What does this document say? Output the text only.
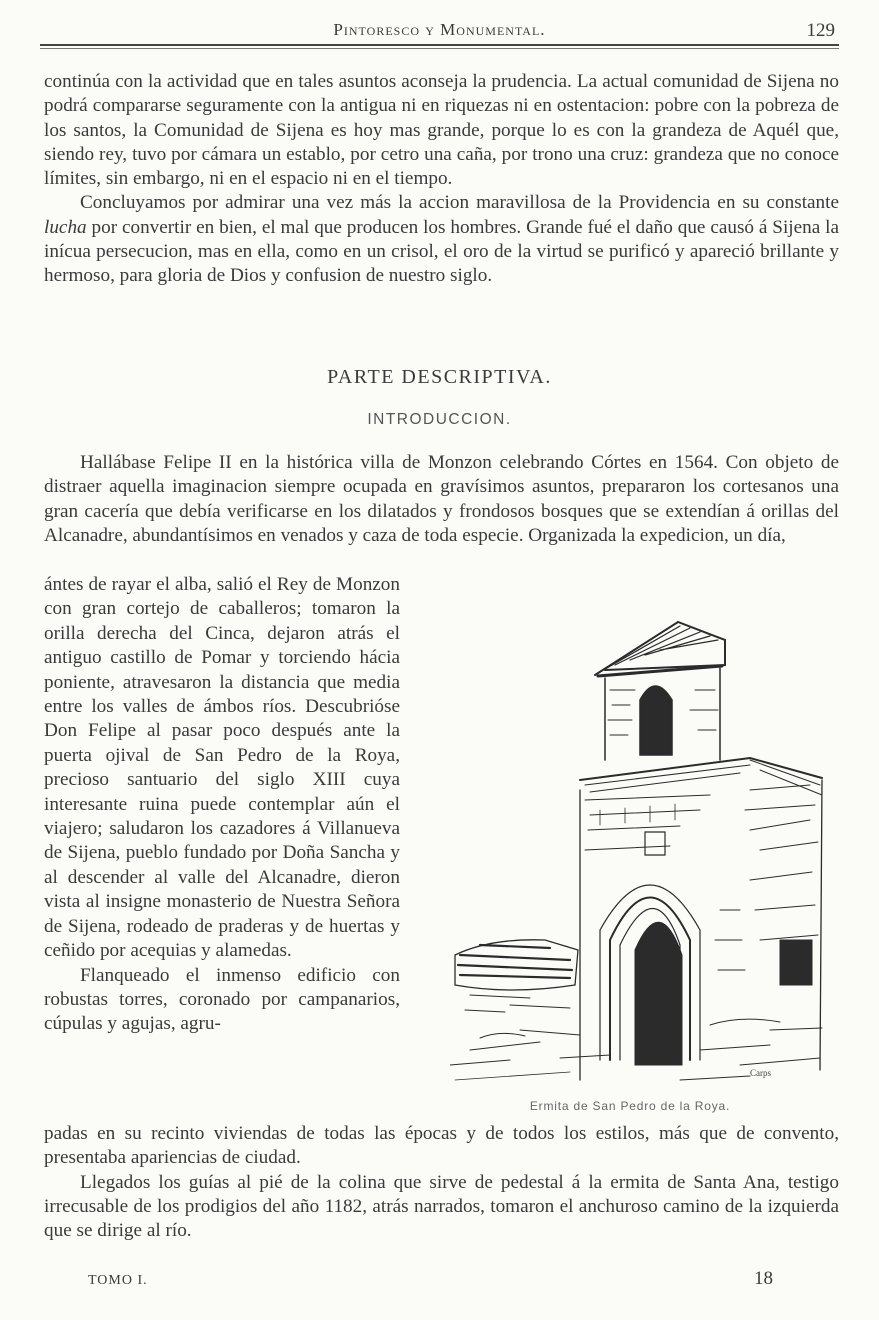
Pintoresco y Monumental.	129

continúa con la actividad que en tales asuntos aconseja la prudencia. La actual comunidad de Sijena no podrá compararse seguramente con la antigua ni en riquezas ni en ostentacion: pobre con la pobreza de los santos, la Comunidad de Sijena es hoy mas grande, porque lo es con la grandeza de Aquél que, siendo rey, tuvo por cámara un establo, por cetro una caña, por trono una cruz: grandeza que no conoce límites, sin embargo, ni en el espacio ni en el tiempo.

Concluyamos por admirar una vez más la accion maravillosa de la Providencia en su constante lucha por convertir en bien, el mal que producen los hombres. Grande fué el daño que causó á Sijena la inícua persecucion, mas en ella, como en un crisol, el oro de la virtud se purificó y apareció brillante y hermoso, para gloria de Dios y confusion de nuestro siglo.

PARTE DESCRIPTIVA.
INTRODUCCION.

Hallábase Felipe II en la histórica villa de Monzon celebrando Córtes en 1564. Con objeto de distraer aquella imaginacion siempre ocupada en gravísimos asuntos, prepararon los cortesanos una gran cacería que debía verificarse en los dilatados y frondosos bosques que se extendían á orillas del Alcanadre, abundantísimos en venados y caza de toda especie. Organizada la expedicion, un día,

ántes de rayar el alba, salió el Rey de Monzon con gran cortejo de caballeros; tomaron la orilla derecha del Cinca, dejaron atrás el antiguo castillo de Pomar y torciendo hácia poniente, atravesaron la distancia que media entre los valles de ámbos ríos. Descubrióse Don Felipe al pasar poco después ante la puerta ojival de San Pedro de la Roya, precioso santuario del siglo XIII cuya interesante ruina puede contemplar aún el viajero; saludaron los cazadores á Villanueva de Sijena, pueblo fundado por Doña Sancha y al descender al valle del Alcanadre, dieron vista al insigne monasterio de Nuestra Señora de Sijena, rodeado de praderas y de huertas y ceñido por acequias y alamedas.

Flanqueado el inmenso edificio con robustas torres, coronado por campanarios, cúpulas y agujas, agru-

Carps
Ermita de San Pedro de la Roya.

padas en su recinto viviendas de todas las épocas y de todos los estilos, más que de convento, presentaba apariencias de ciudad.

Llegados los guías al pié de la colina que sirve de pedestal á la ermita de Santa Ana, testigo irrecusable de los prodigios del año 1182, atrás narrados, tomaron el anchuroso camino de la izquierda que se dirige al río.

TOMO I.	18
